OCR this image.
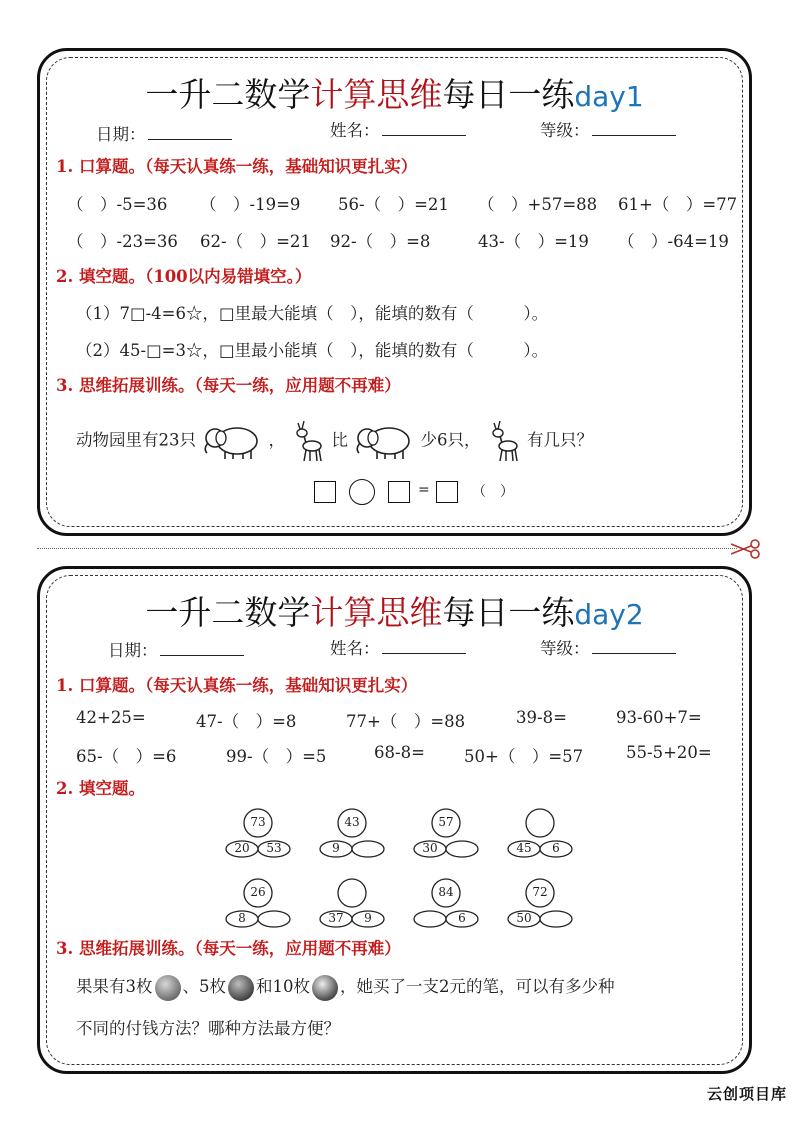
一升二数学计算思维每日一练day1
日期：	姓名：	等级：
1. 口算题。（每天认真练一练，基础知识更扎实）
（　）-5=36 （　）-19=9 56-（　）=21 （　）+57=88 61+（　）=77
（　）-23=36 62-（　）=21 92-（　）=8	43-（　）=19 （　）-64=19
2. 填空题。（100以内易错填空。）
（1）7□-4=6☆，□里最大能填（　），能填的数有（　　　）。
（2）45-□=3☆，□里最小能填（　），能填的数有（　　　）。
3. 思维拓展训练。（每天一练，应用题不再难）
动物园里有23只	，	比	少6只，	有几只？
=	（　）
一升二数学计算思维每日一练day2
日期：	姓名：	等级：
1. 口算题。（每天认真练一练，基础知识更扎实）
42+25=	47-（　）=8	77+（　）=88	39-8=	93-60+7=
65-（　）=6	99-（　）=5	68-8= 50+（　）=57	55-5+20=
2. 填空题。
73
20	53
43
9
57
30	45	6
26
8	37	9
84
6
72
50
3. 思维拓展训练。（每天一练，应用题不再难）
果果有3枚 、5枚 和10枚 ，她买了一支2元的笔，可以有多少种
不同的付钱方法？哪种方法最方便？
云创项目库
